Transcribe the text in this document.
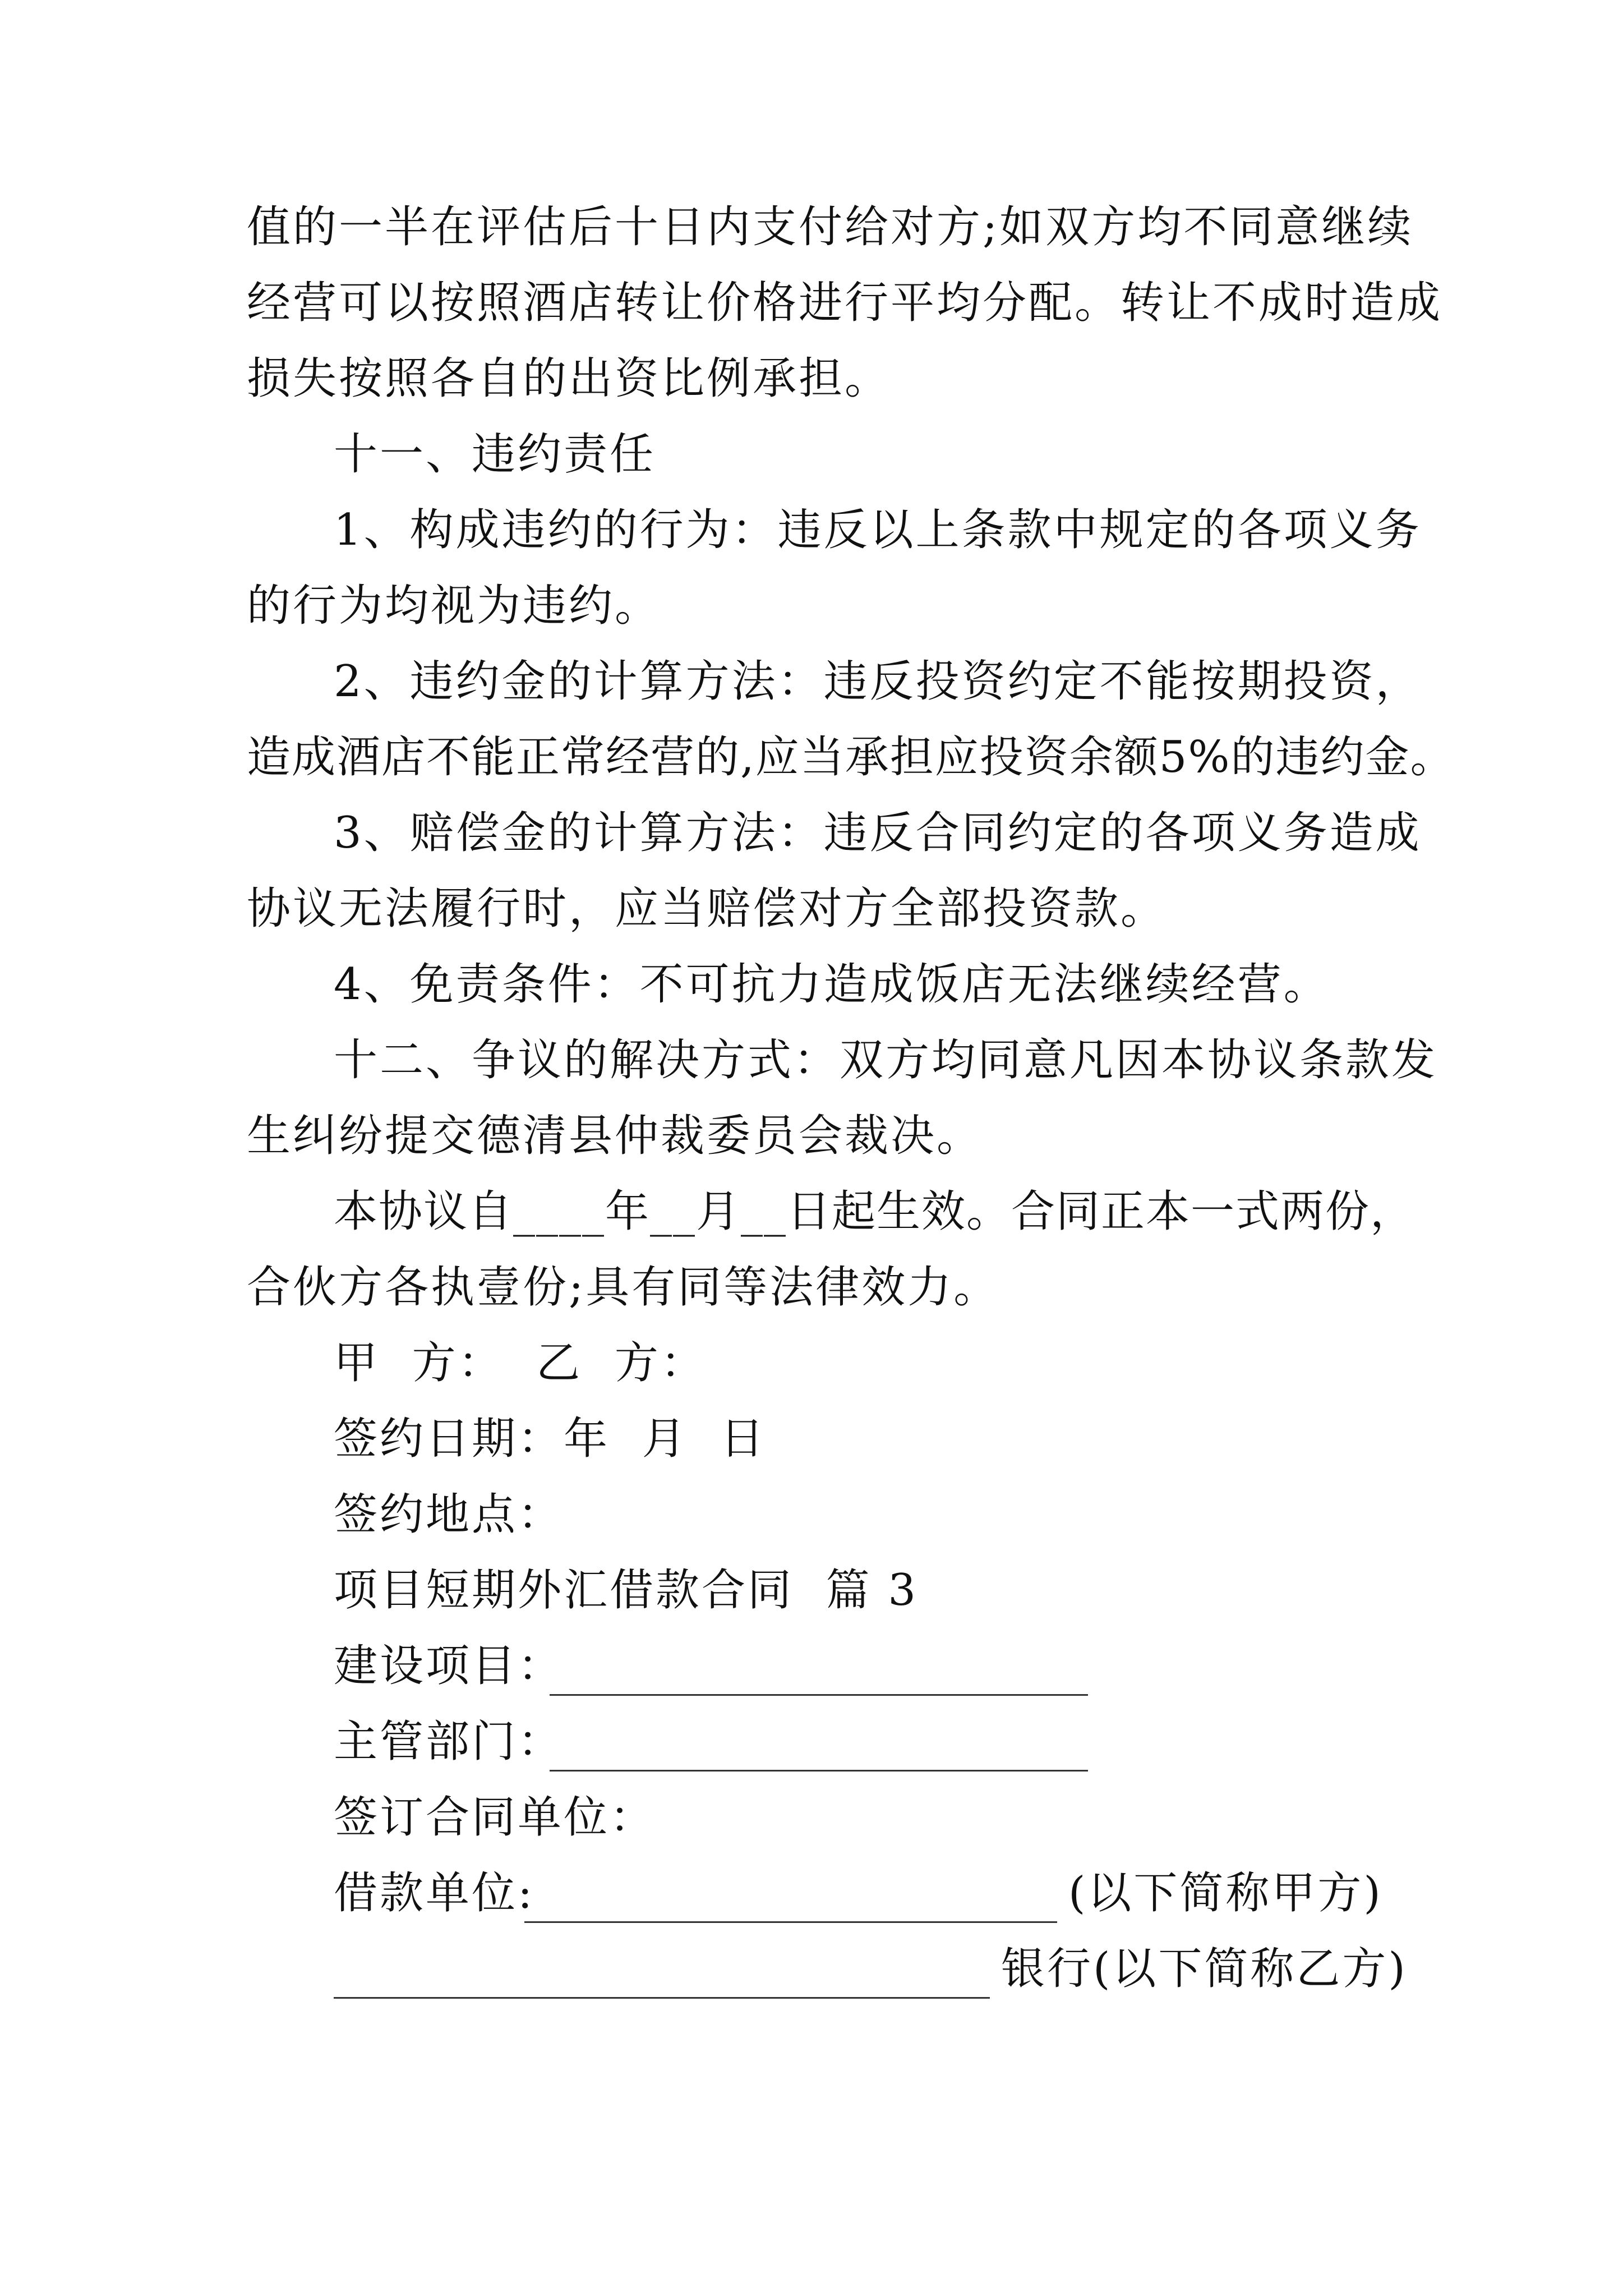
值的一半在评估后十日内支付给对方;如双方均不同意继续
经营可以按照酒店转让价格进行平均分配。转让不成时造成
损失按照各自的出资比例承担。
十一、违约责任
1、构成违约的行为：违反以上条款中规定的各项义务
的行为均视为违约。
2、违约金的计算方法：违反投资约定不能按期投资，
造成酒店不能正常经营的,应当承担应投资余额5%的违约金。
3、赔偿金的计算方法：违反合同约定的各项义务造成
协议无法履行时，应当赔偿对方全部投资款。
4、免责条件：不可抗力造成饭店无法继续经营。
十二、争议的解决方式：双方均同意凡因本协议条款发
生纠纷提交德清县仲裁委员会裁决。
本协议自____年__月__日起生效。合同正本一式两份，
合伙方各执壹份;具有同等法律效力。
甲  方：  乙  方：
签约日期：年  月  日
签约地点：
项目短期外汇借款合同  篇 3
建设项目：
主管部门：
签订合同单位：
借款单位:	(以下简称甲方)
银行(以下简称乙方)
